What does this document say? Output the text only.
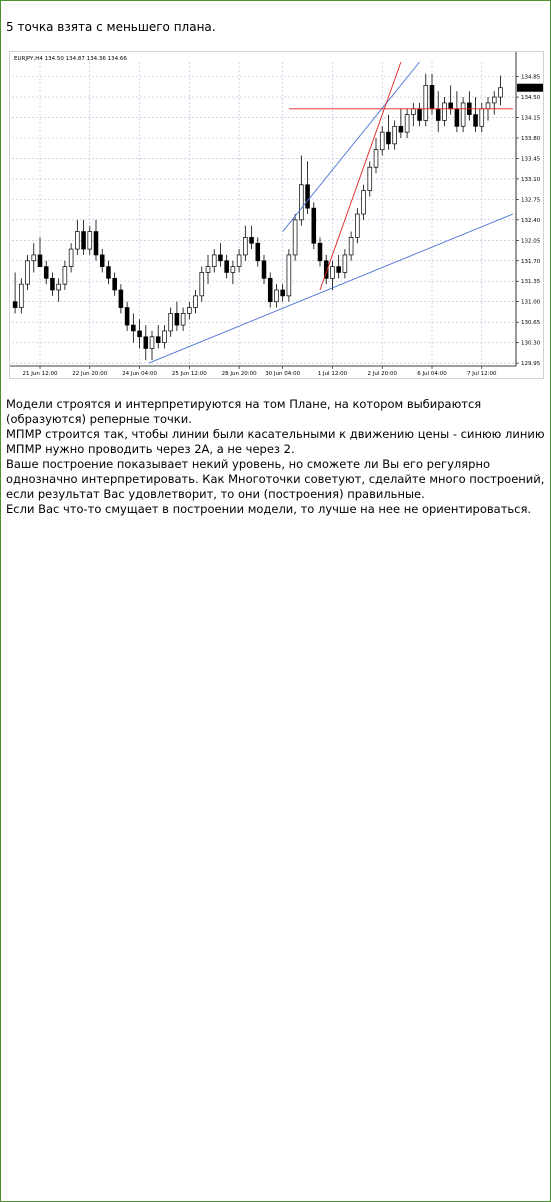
5 точка взята с меньшего плана.
134.85
134.50
134.15
133.80
133.45
133.10
132.75
132.40
132.05
131.70
131.35
131.00
130.65
130.30
129.95
21 Jun 12:00	22 Jun 20:00	24 Jun 04:00	25 Jun 12:00	28 Jun 20:00 30 Jun 04:00	1 Jul 12:00	2 Jul 20:00	6 Jul 04:00	7 Jul 12:00
134.66
EURJPY,H4 134.50 134.87 134.36 134.66

Модели строятся и интерпретируются на том Плане, на котором выбираются (образуются) реперные точки.

МПМР строится так, чтобы линии были касательными к движению цены - синюю линию МПМР нужно проводить через 2А, а не через 2.

Ваше построение показывает некий уровень, но сможете ли Вы его регулярно однозначно интерпретировать. Как Многоточки советуют, сделайте много построений, если результат Вас удовлетворит, то они (построения) правильные.

Если Вас что-то смущает в построении модели, то лучше на нее не ориентироваться.
